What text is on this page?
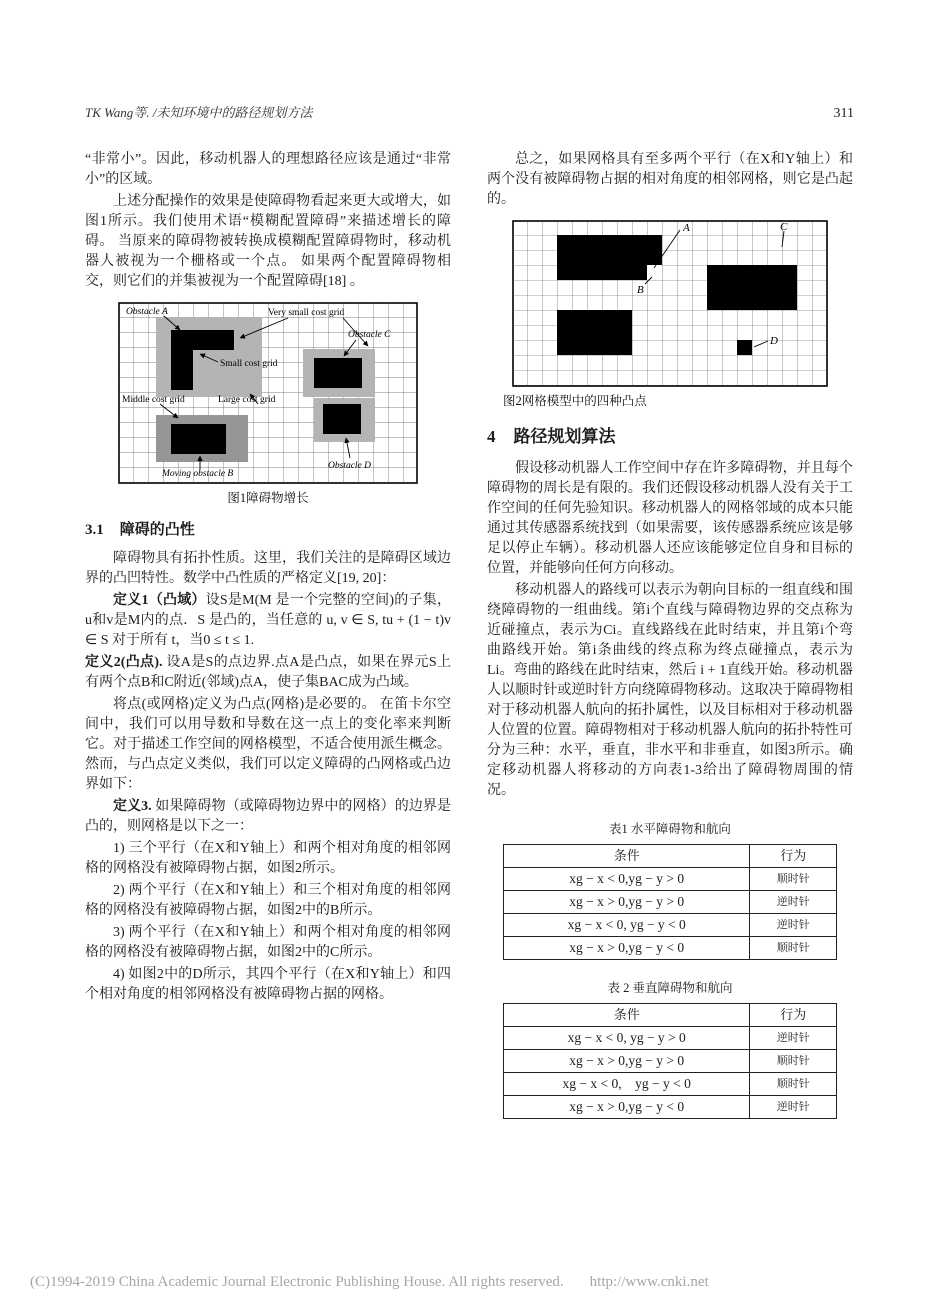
TK Wang等. /未知环境中的路径规划方法	311

“非常小”。因此，移动机器人的理想路径应该是通过“非常小”的区域。

上述分配操作的效果是使障碍物看起来更大或增大，如图1所示。我们使用术语“模糊配置障碍”来描述增长的障碍。 当原来的障碍物被转换成模糊配置障碍物时，移动机器人被视为一个栅格或一个点。 如果两个配置障碍物相交，则它们的并集被视为一个配置障碍[18] 。

Obstacle A	Very small cost grid
Obstacle C
Small cost grid
Middle cost grid	Large cost grid
Moving obstacle B
Obstacle D
图1障碍物增长
3.1 障碍的凸性

障碍物具有拓扑性质。这里，我们关注的是障碍区域边界的凸凹特性。数学中凸性质的严格定义[19, 20]：

定义1（凸域）设S是M(M 是一个完整的空间)的子集，u和v是M内的点．S 是凸的，当任意的 u, v ∈ S, tu + (1 − t)v ∈ S 对于所有 t，当0 ≤ t ≤ 1.

定义2(凸点). 设A是S的点边界.点A是凸点，如果在界元S上有两个点B和C附近(邻域)点A，使子集BAC成为凸域。

将点(或网格)定义为凸点(网格)是必要的。 在笛卡尔空间中，我们可以用导数和导数在这一点上的变化率来判断它。对于描述工作空间的网格模型，不适合使用派生概念。然而，与凸点定义类似，我们可以定义障碍的凸网格或凸边界如下：

定义3. 如果障碍物（或障碍物边界中的网格）的边界是凸的，则网格是以下之一：

1) 三个平行（在X和Y轴上）和两个相对角度的相邻网格的网格没有被障碍物占据，如图2所示。

2) 两个平行（在X和Y轴上）和三个相对角度的相邻网格的网格没有被障碍物占据，如图2中的B所示。

3) 两个平行（在X和Y轴上）和两个相对角度的相邻网格的网格没有被障碍物占据，如图2中的C所示。

4) 如图2中的D所示，其四个平行（在X和Y轴上）和四个相对角度的相邻网格没有被障碍物占据的网格。

总之，如果网格具有至多两个平行（在X和Y轴上）和两个没有被障碍物占据的相对角度的相邻网格，则它是凸起的。

A	C
B
D
图2网格模型中的四种凸点
4 路径规划算法

假设移动机器人工作空间中存在许多障碍物，并且每个障碍物的周长是有限的。我们还假设移动机器人没有关于工作空间的任何先验知识。移动机器人的网格邻域的成本只能通过其传感器系统找到（如果需要，该传感器系统应该是够足以停止车辆）。移动机器人还应该能够定位自身和目标的位置，并能够向任何方向移动。

移动机器人的路线可以表示为朝向目标的一组直线和围绕障碍物的一组曲线。第i个直线与障碍物边界的交点称为近碰撞点，表示为Ci。直线路线在此时结束，并且第i个弯曲路线开始。第i条曲线的终点称为终点碰撞点，表示为Li。弯曲的路线在此时结束，然后 i + 1直线开始。移动机器人以顺时针或逆时针方向绕障碍物移动。这取决于障碍物相对于移动机器人航向的拓扑属性，以及目标相对于移动机器人位置的位置。障碍物相对于移动机器人航向的拓扑特性可分为三种：水平，垂直，非水平和非垂直，如图3所示。确定移动机器人将移动的方向表1-3给出了障碍物周围的情况。

表1 水平障碍物和航向
条件	行为
xg − x < 0,yg − y > 0	顺时针
xg − x > 0,yg − y > 0	逆时针
xg − x < 0, yg − y < 0	逆时针
xg − x > 0,yg − y < 0	顺时针
表 2 垂直障碍物和航向
条件	行为
xg − x < 0, yg − y > 0	逆时针
xg − x > 0,yg − y > 0	顺时针
xg − x < 0,　yg − y < 0	顺时针
xg − x > 0,yg − y < 0	逆时针
(C)1994-2019 China Academic Journal Electronic Publishing House. All rights reserved. http://www.cnki.net
